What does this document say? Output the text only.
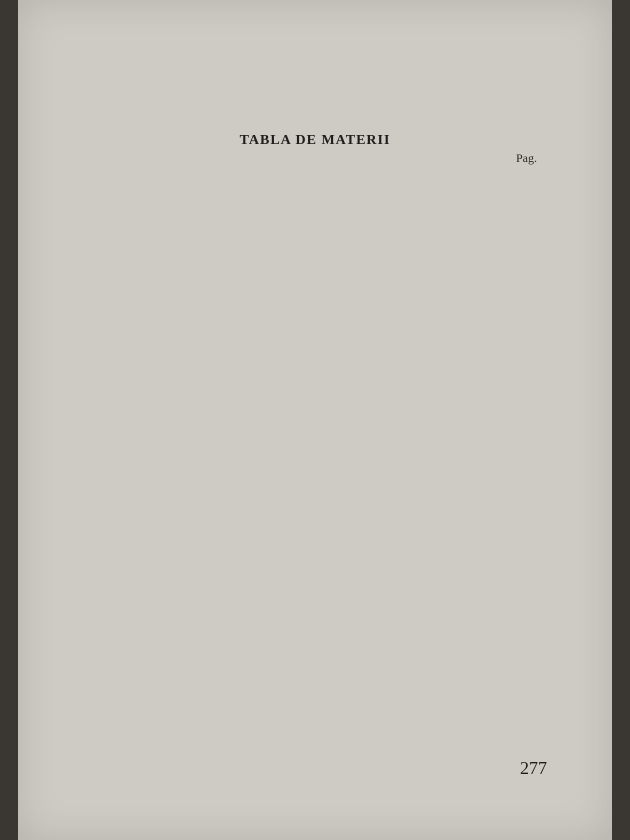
TABLA DE MATERII
Pag.
277
